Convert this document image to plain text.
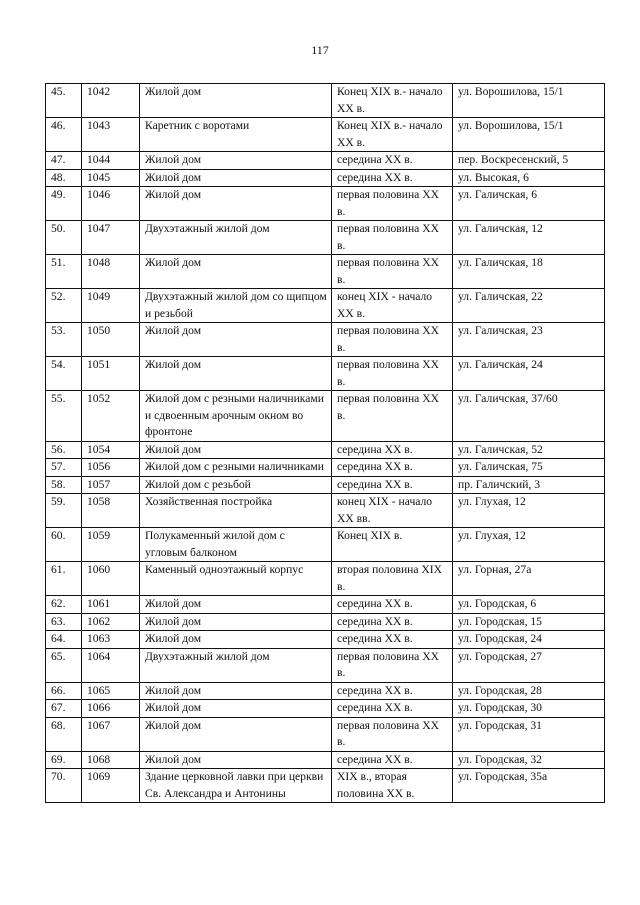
117
45.	1042	Жилой дом	Конец XIX в.- начало XX в.	ул. Ворошилова, 15/1
46.	1043	Каретник с воротами	Конец XIX в.- начало XX в.	ул. Ворошилова, 15/1
47.	1044	Жилой дом	середина XX в.	пер. Воскресенский, 5
48.	1045	Жилой дом	середина XX в.	ул. Высокая, 6
49.	1046	Жилой дом	первая половина XX в.	ул. Галичская, 6
50.	1047	Двухэтажный жилой дом	первая половина XX в.	ул. Галичская, 12
51.	1048	Жилой дом	первая половина XX в.	ул. Галичская, 18
52.	1049	Двухэтажный жилой дом со щипцом и резьбой	конец XIX - начало XX в.	ул. Галичская, 22
53.	1050	Жилой дом	первая половина XX в.	ул. Галичская, 23
54.	1051	Жилой дом	первая половина XX в.	ул. Галичская, 24
55.	1052	Жилой дом с резными наличниками и сдвоенным арочным окном во фронтоне	первая половина XX в.	ул. Галичская, 37/60
56.	1054	Жилой дом	середина XX в.	ул. Галичская, 52
57.	1056	Жилой дом с резными наличниками	середина XX в.	ул. Галичская, 75
58.	1057	Жилой дом с резьбой	середина XX в.	пр. Галичский, 3
59.	1058	Хозяйственная постройка	конец XIX - начало XX вв.	ул. Глухая, 12
60.	1059	Полукаменный жилой дом с угловым балконом	Конец XIX в.	ул. Глухая, 12
61.	1060	Каменный одноэтажный корпус	вторая половина XIX в.	ул. Горная, 27а
62.	1061	Жилой дом	середина XX в.	ул. Городская, 6
63.	1062	Жилой дом	середина XX в.	ул. Городская, 15
64.	1063	Жилой дом	середина XX в.	ул. Городская, 24
65.	1064	Двухэтажный жилой дом	первая половина XX в.	ул. Городская, 27
66.	1065	Жилой дом	середина XX в.	ул. Городская, 28
67.	1066	Жилой дом	середина XX в.	ул. Городская, 30
68.	1067	Жилой дом	первая половина XX в.	ул. Городская, 31
69.	1068	Жилой дом	середина XX в.	ул. Городская, 32
70.	1069	Здание церковной лавки при церкви Св. Александра и Антонины	XIX в., вторая половина XX в.	ул. Городская, 35а
